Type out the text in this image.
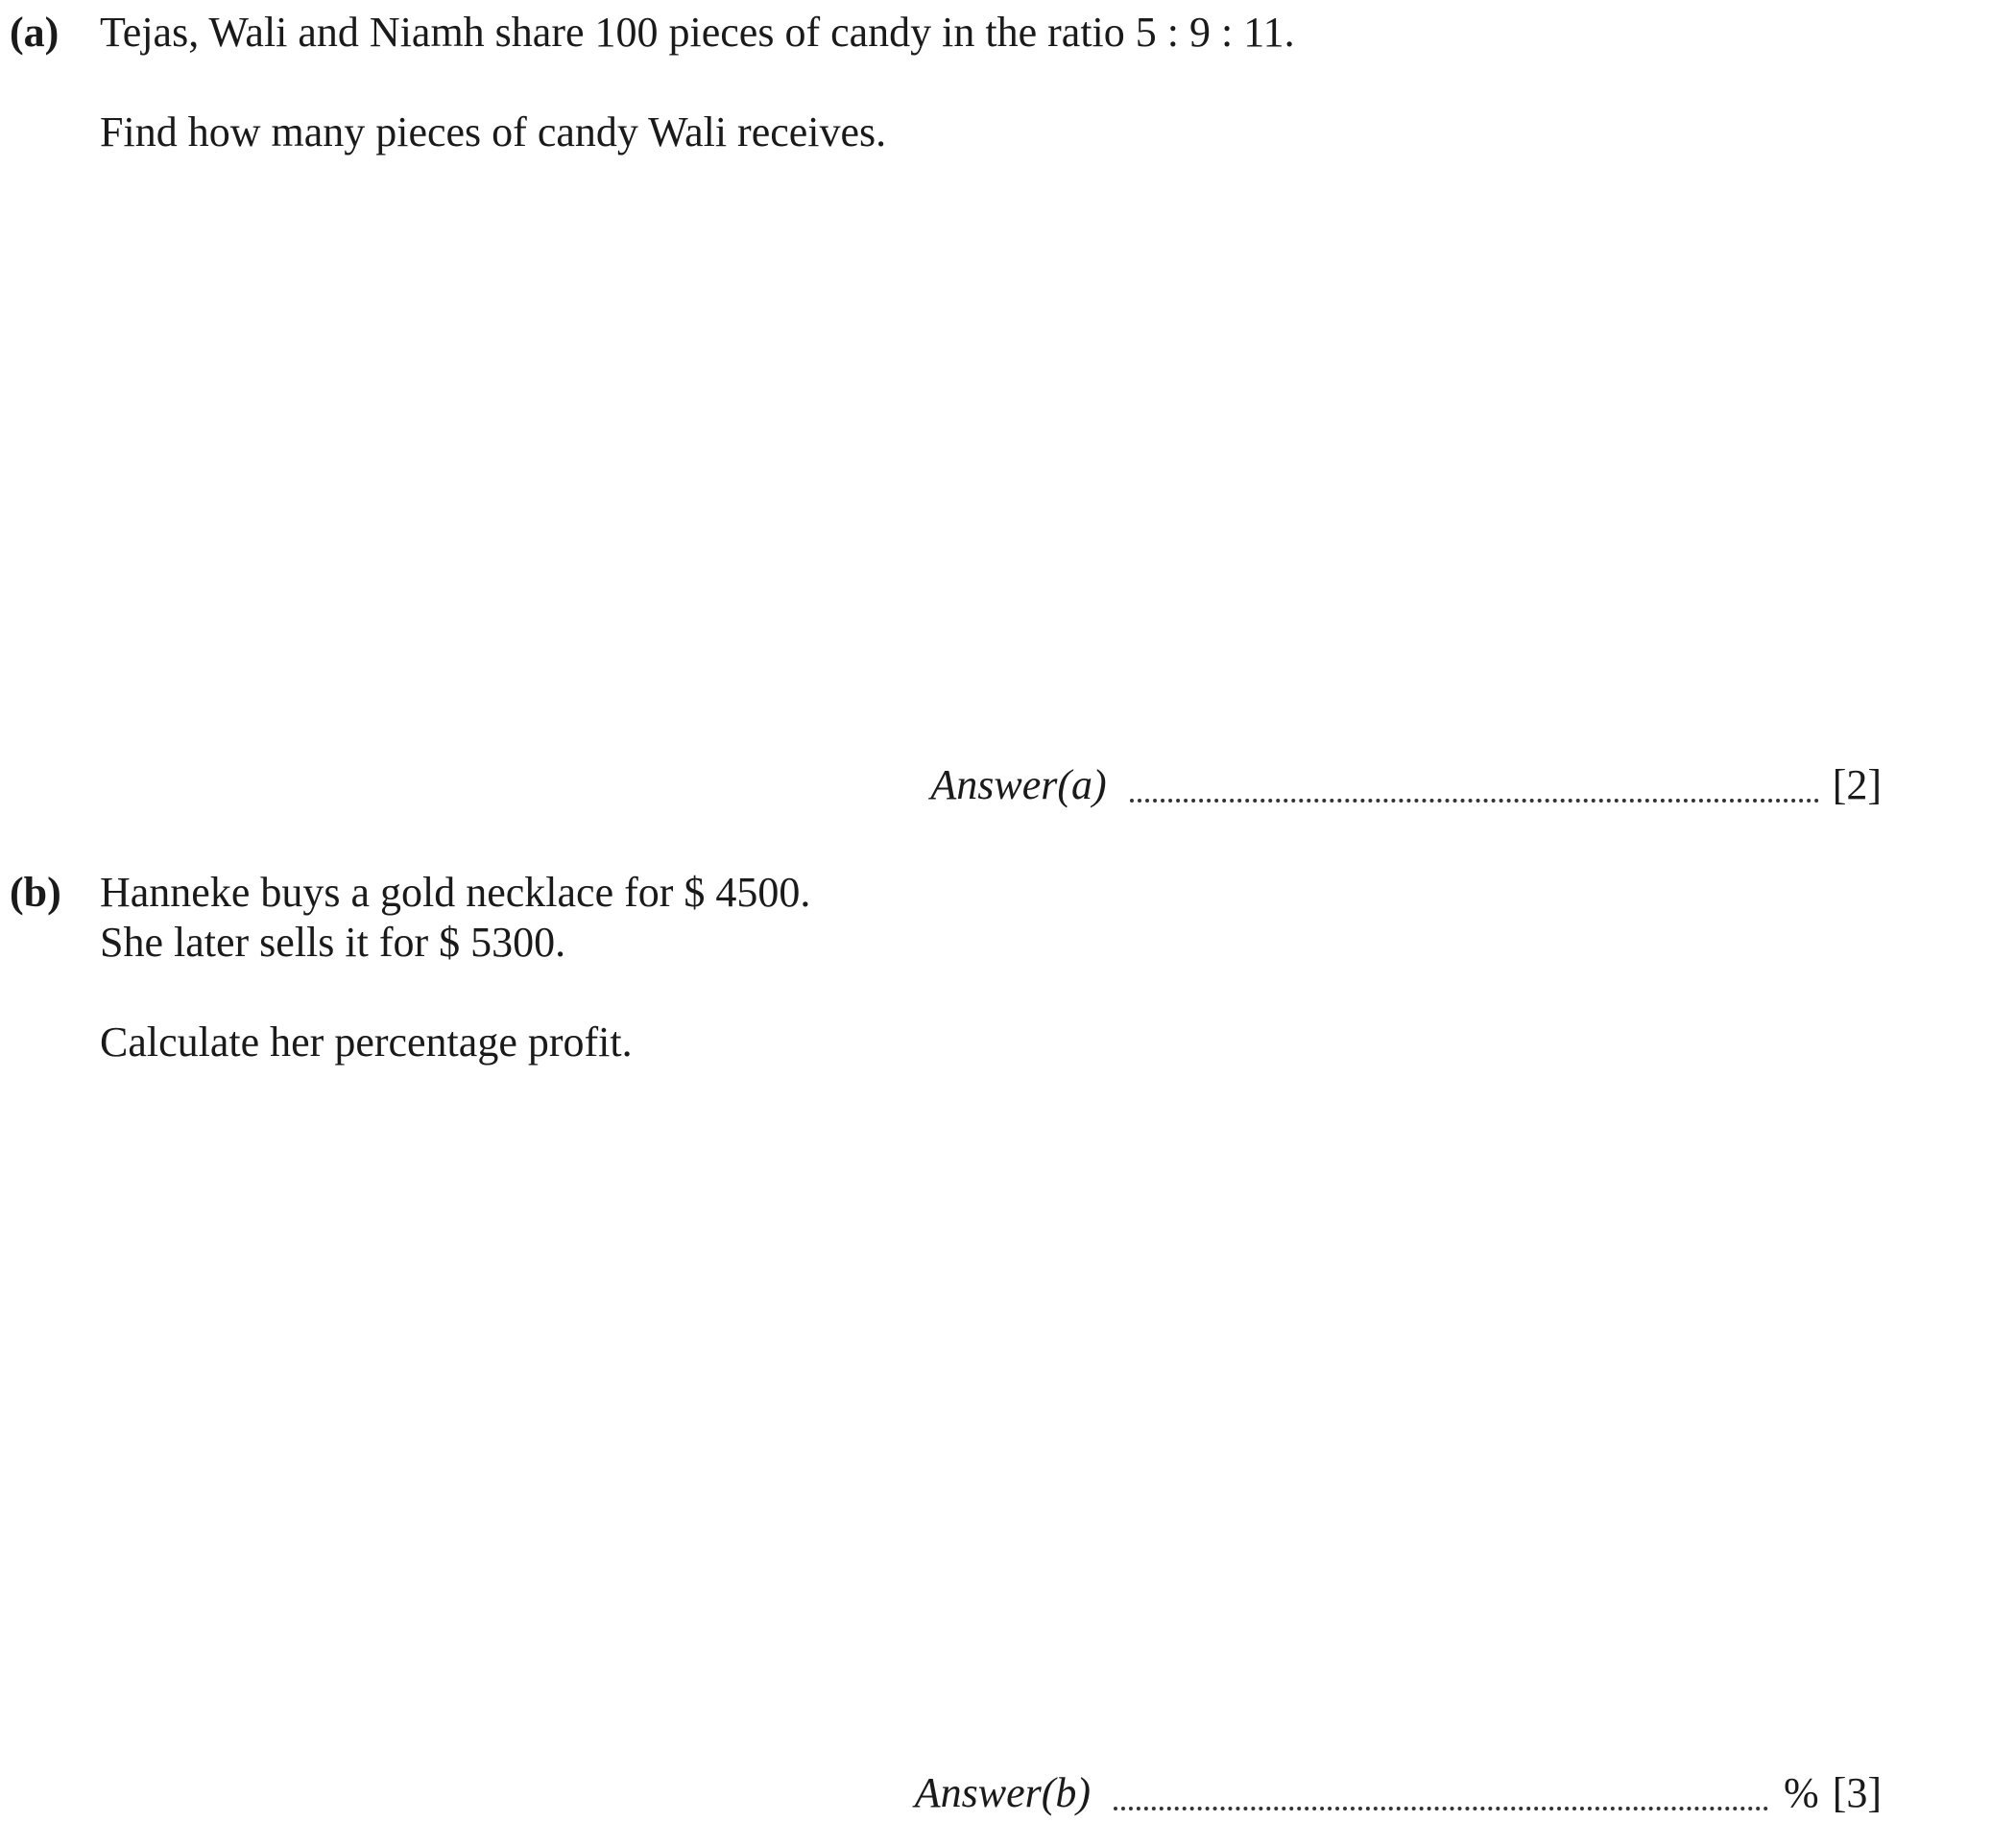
(a) Tejas, Wali and Niamh share 100 pieces of candy in the ratio 5 : 9 : 11.
Find how many pieces of candy Wali receives.
Answer(a)	[2]
(b) Hanneke buys a gold necklace for $ 4500.
She later sells it for $ 5300.
Calculate her percentage profit.
Answer(b)	% [3]
